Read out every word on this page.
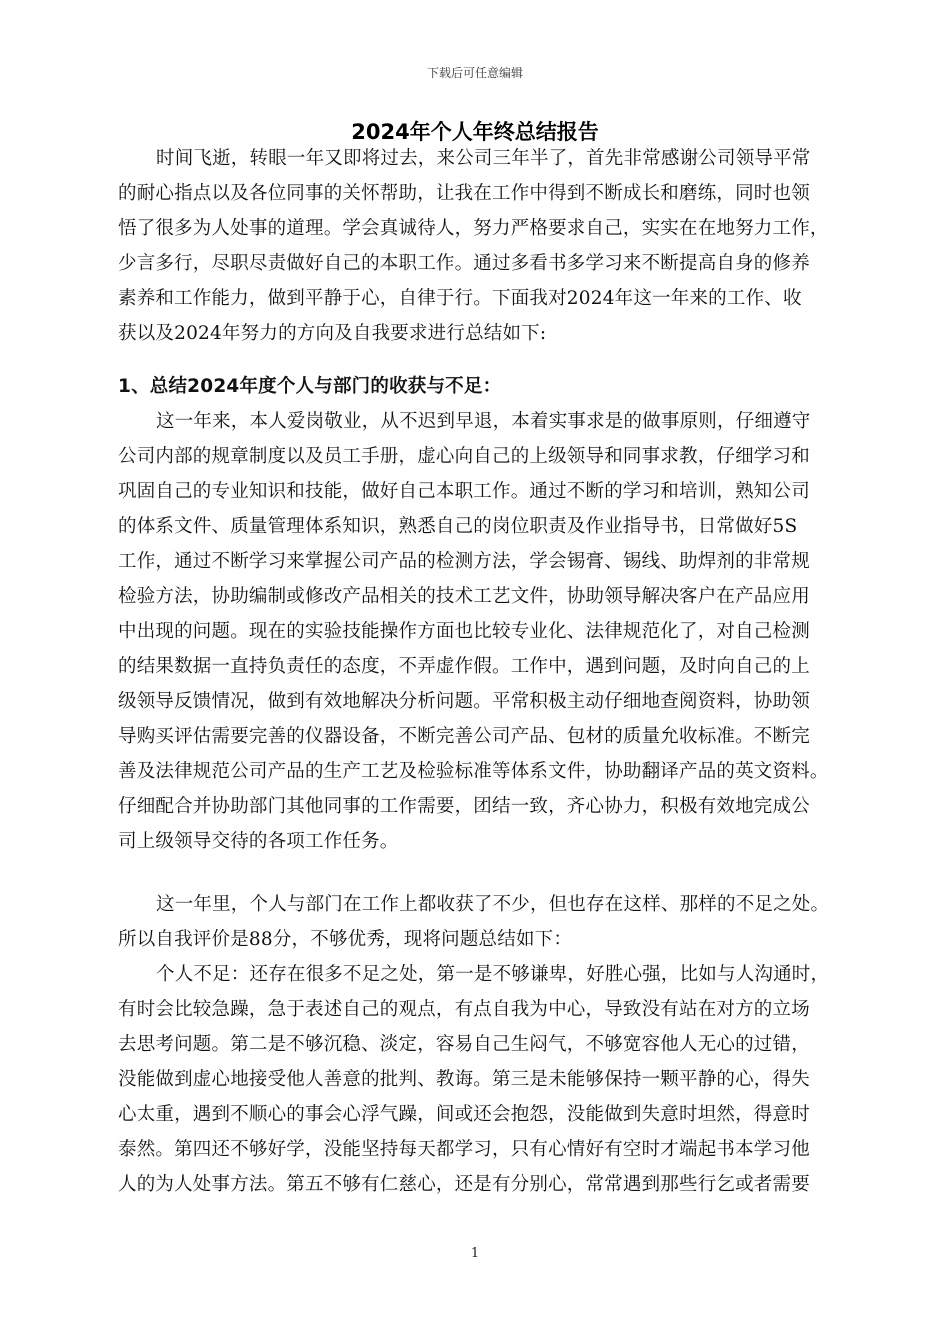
下载后可任意编辑
2024年个人年终总结报告
时间飞逝，转眼一年又即将过去，来公司三年半了，首先非常感谢公司领导平常
的耐心指点以及各位同事的关怀帮助，让我在工作中得到不断成长和磨练，同时也领
悟了很多为人处事的道理。学会真诚待人，努力严格要求自己，实实在在地努力工作，
少言多行，尽职尽责做好自己的本职工作。通过多看书多学习来不断提高自身的修养
素养和工作能力，做到平静于心，自律于行。下面我对2024年这一年来的工作、收
获以及2024年努力的方向及自我要求进行总结如下:
1、总结2024年度个人与部门的收获与不足：
这一年来，本人爱岗敬业，从不迟到早退，本着实事求是的做事原则，仔细遵守
公司内部的规章制度以及员工手册，虚心向自己的上级领导和同事求教，仔细学习和
巩固自己的专业知识和技能，做好自己本职工作。通过不断的学习和培训，熟知公司
的体系文件、质量管理体系知识，熟悉自己的岗位职责及作业指导书，日常做好5S
工作，通过不断学习来掌握公司产品的检测方法，学会锡膏、锡线、助焊剂的非常规
检验方法，协助编制或修改产品相关的技术工艺文件，协助领导解决客户在产品应用
中出现的问题。现在的实验技能操作方面也比较专业化、法律规范化了，对自己检测
的结果数据一直持负责任的态度，不弄虚作假。工作中，遇到问题，及时向自己的上
级领导反馈情况，做到有效地解决分析问题。平常积极主动仔细地查阅资料，协助领
导购买评估需要完善的仪器设备，不断完善公司产品、包材的质量允收标准。不断完
善及法律规范公司产品的生产工艺及检验标准等体系文件，协助翻译产品的英文资料。
仔细配合并协助部门其他同事的工作需要，团结一致，齐心协力，积极有效地完成公
司上级领导交待的各项工作任务。
这一年里，个人与部门在工作上都收获了不少，但也存在这样、那样的不足之处。
所以自我评价是88分，不够优秀，现将问题总结如下：
个人不足：还存在很多不足之处，第一是不够谦卑，好胜心强，比如与人沟通时，
有时会比较急躁，急于表述自己的观点，有点自我为中心，导致没有站在对方的立场
去思考问题。第二是不够沉稳、淡定，容易自己生闷气，不够宽容他人无心的过错，
没能做到虚心地接受他人善意的批判、教诲。第三是未能够保持一颗平静的心，得失
心太重，遇到不顺心的事会心浮气躁，间或还会抱怨，没能做到失意时坦然，得意时
泰然。第四还不够好学，没能坚持每天都学习，只有心情好有空时才端起书本学习他
人的为人处事方法。第五不够有仁慈心，还是有分别心，常常遇到那些行乞或者需要
1
